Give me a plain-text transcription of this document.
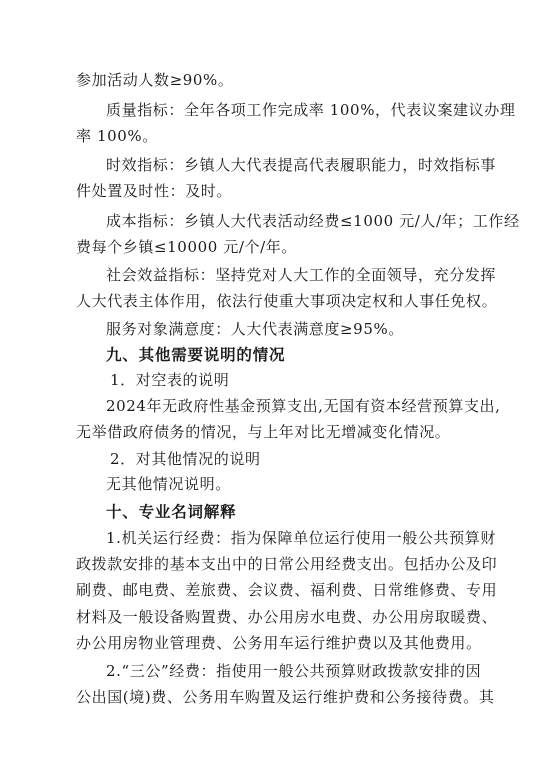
参加活动人数≥90%。
质量指标：全年各项工作完成率 100%，代表议案建议办理
率 100%。
时效指标：乡镇人大代表提高代表履职能力，时效指标事
件处置及时性：及时。
成本指标：乡镇人大代表活动经费≤1000 元/人/年；工作经
费每个乡镇≤10000 元/个/年。
社会效益指标：坚持党对人大工作的全面领导，充分发挥
人大代表主体作用，依法行使重大事项决定权和人事任免权。
服务对象满意度：人大代表满意度≥95%。
九、其他需要说明的情况
1．对空表的说明
2024年无政府性基金预算支出,无国有资本经营预算支出,
无举借政府债务的情况，与上年对比无增减变化情况。
2．对其他情况的说明
无其他情况说明。
十、专业名词解释
1.机关运行经费：指为保障单位运行使用一般公共预算财
政拨款安排的基本支出中的日常公用经费支出。包括办公及印
刷费、邮电费、差旅费、会议费、福利费、日常维修费、专用
材料及一般设备购置费、办公用房水电费、办公用房取暖费、
办公用房物业管理费、公务用车运行维护费以及其他费用。
2.“三公”经费：指使用一般公共预算财政拨款安排的因
公出国(境)费、公务用车购置及运行维护费和公务接待费。其
